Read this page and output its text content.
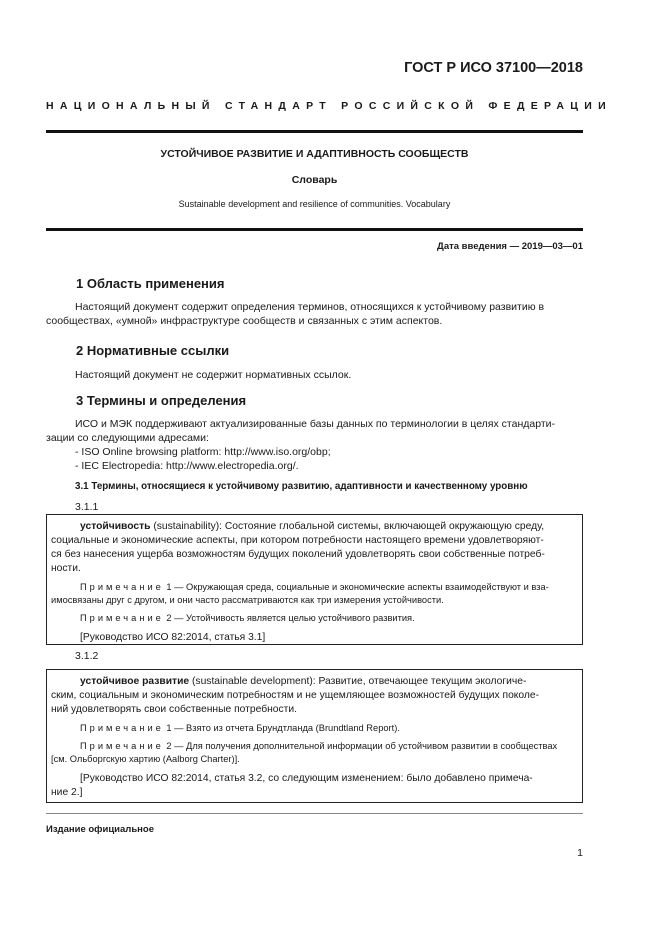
ГОСТ Р ИСО 37100—2018
НАЦИОНАЛЬНЫЙ СТАНДАРТ РОССИЙСКОЙ ФЕДЕРАЦИИ
УСТОЙЧИВОЕ РАЗВИТИЕ И АДАПТИВНОСТЬ СООБЩЕСТВ
Словарь
Sustainable development and resilience of communities. Vocabulary
Дата введения — 2019—03—01
1 Область применения
Настоящий документ содержит определения терминов, относящихся к устойчивому развитию в
сообществах, «умной» инфраструктуре сообществ и связанных с этим аспектов.
2 Нормативные ссылки
Настоящий документ не содержит нормативных ссылок.
3 Термины и определения
ИСО и МЭК поддерживают актуализированные базы данных по терминологии в целях стандарти-
зации со следующими адресами:
- ISO Online browsing platform: http://www.iso.org/obp;
- IEC Electropedia: http://www.electropedia.org/.
3.1 Термины, относящиеся к устойчивому развитию, адаптивности и качественному уровню
3.1.1

устойчивость (sustainability): Состояние глобальной системы, включающей окружающую среду,
социальные и экономические аспекты, при котором потребности настоящего времени удовлетворяют-
ся без нанесения ущерба возможностям будущих поколений удовлетворять свои собственные потреб-
ности.

Примечание 1 — Окружающая среда, социальные и экономические аспекты взаимодействуют и вза-
имосвязаны друг с другом, и они часто рассматриваются как три измерения устойчивости.

Примечание 2 — Устойчивость является целью устойчивого развития.

[Руководство ИСО 82:2014, статья 3.1]

3.1.2

устойчивое развитие (sustainable development): Развитие, отвечающее текущим экологиче-
ским, социальным и экономическим потребностям и не ущемляющее возможностей будущих поколе-
ний удовлетворять свои собственные потребности.

Примечание 1 — Взято из отчета Брундтланда (Brundtland Report).

Примечание 2 — Для получения дополнительной информации об устойчивом развитии в сообществах
[см. Ольборгскую хартию (Aalborg Charter)].

[Руководство ИСО 82:2014, статья 3.2, со следующим изменением: было добавлено примеча-
ние 2.]

Издание официальное
1
